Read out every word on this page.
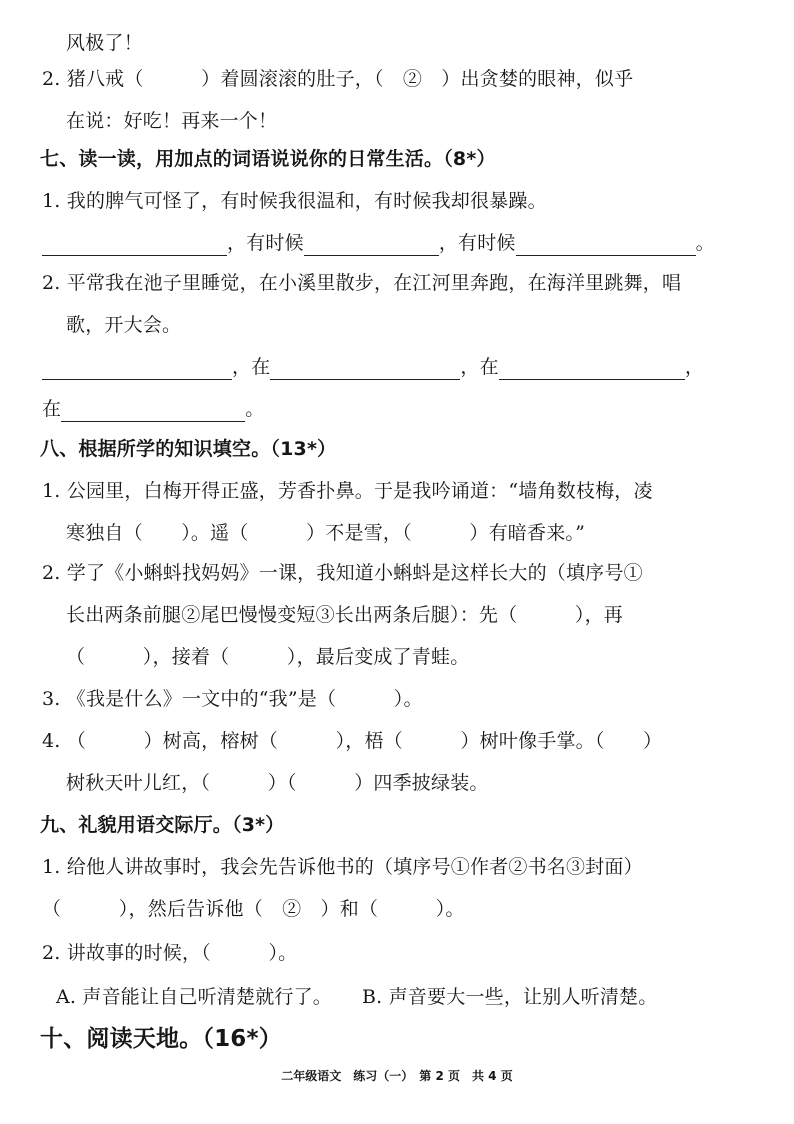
风极了！
2. 猪八戒（　　　）着圆滚滚的肚子，（　②　）出贪婪的眼神，似乎
在说：好吃！再来一个！
七、读一读，用加点的词语说说你的日常生活。（8*）
1. 我的脾气可怪了，有时候我很温和，有时候我却很暴躁。
，有时候	，有时候	。
2. 平常我在池子里睡觉，在小溪里散步，在江河里奔跑，在海洋里跳舞，唱
歌，开大会。
，在	，在	，
在	。
八、根据所学的知识填空。（13*）
1. 公园里，白梅开得正盛，芳香扑鼻。于是我吟诵道：“墙角数枝梅，凌
寒独自（　　）。遥（　　　）不是雪，（　　　）有暗香来。”
2. 学了《小蝌蚪找妈妈》一课，我知道小蝌蚪是这样长大的（填序号①
长出两条前腿②尾巴慢慢变短③长出两条后腿）：先（　　　），再
（　　　），接着（　　　），最后变成了青蛙。
3. 《我是什么》一文中的“我”是（　　　）。
4. （　　　）树高，榕树（　　　），梧（　　　）树叶像手掌。（　　）
树秋天叶儿红，（　　　）（　　　）四季披绿装。
九、礼貌用语交际厅。（3*）
1. 给他人讲故事时，我会先告诉他书的（填序号①作者②书名③封面）
（　　　），然后告诉他（　②　）和（　　　）。
2. 讲故事的时候，（　　　）。
A. 声音能让自己听清楚就行了。 B. 声音要大一些，让别人听清楚。
十、阅读天地。（16*）
二年级语文　练习（一）　第 2 页　共 4 页
